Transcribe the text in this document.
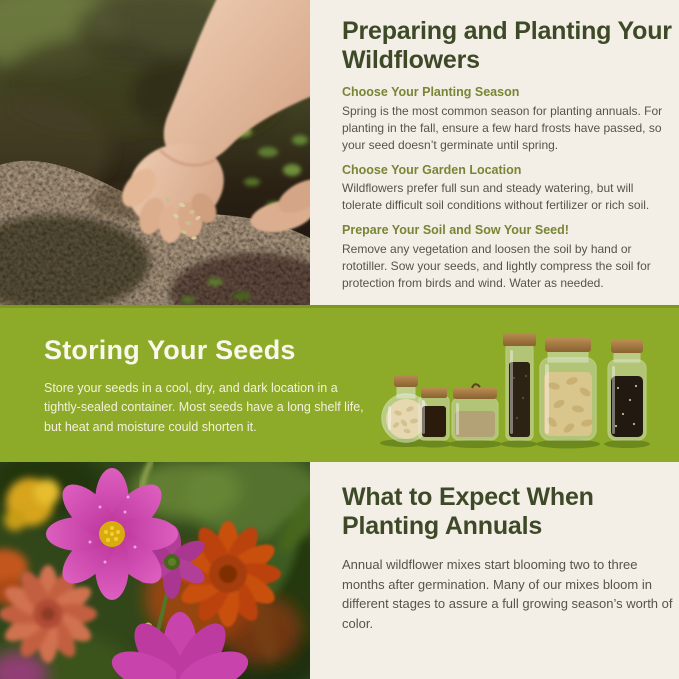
Preparing and Planting Your Wildflowers
Choose Your Planting Season

Spring is the most common season for planting annuals. For planting in the fall, ensure a few hard frosts have passed, so your seed doesn’t germinate until spring.

Choose Your Garden Location

Wildflowers prefer full sun and steady watering, but will tolerate difficult soil conditions without fertilizer or rich soil.

Prepare Your Soil and Sow Your Seed!

Remove any vegetation and loosen the soil by hand or rototiller. Sow your seeds, and lightly compress the soil for protection from birds and wind. Water as needed.

Storing Your Seeds

Store your seeds in a cool, dry, and dark location in a tightly-sealed container. Most seeds have a long shelf life, but heat and moisture could shorten it.

What to Expect When Planting Annuals

Annual wildflower mixes start blooming two to three months after germination. Many of our mixes bloom in different stages to assure a full growing season’s worth of color.
